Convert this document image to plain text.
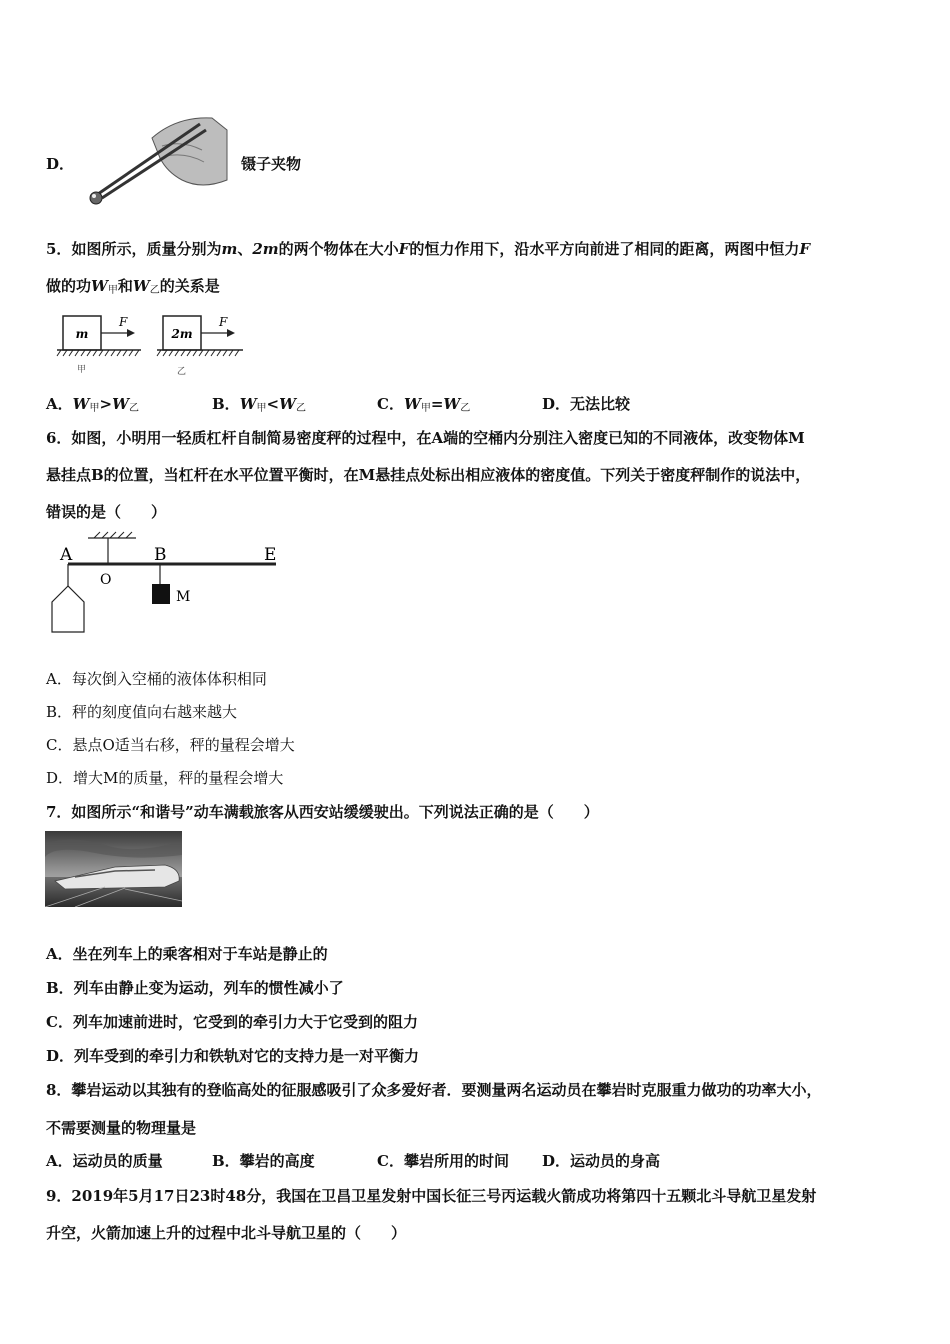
D．	镊子夹物
5．如图所示，质量分别为m、2m的两个物体在大小F的恒力作用下，沿水平方向前进了相同的距离，两图中恒力F
做的功$W_甲$和$W_乙$的关系是
m
F
甲
2m
F
乙
A．$W_甲>W_乙$	B．$W_甲<W_乙$	C．$W_甲=W_乙$	D．无法比较
6．如图，小明用一轻质杠杆自制简易密度秤的过程中，在A端的空桶内分别注入密度已知的不同液体，改变物体M
悬挂点B的位置，当杠杆在水平位置平衡时，在M悬挂点处标出相应液体的密度值。下列关于密度秤制作的说法中，
错误的是（　　）
A
O
B	E
M
A．每次倒入空桶的液体体积相同
B．秤的刻度值向右越来越大
C．悬点O适当右移，秤的量程会增大
D．增大M的质量，秤的量程会增大
7．如图所示“和谐号”动车满载旅客从西安站缓缓驶出。下列说法正确的是（　　）
A．坐在列车上的乘客相对于车站是静止的
B．列车由静止变为运动，列车的惯性减小了
C．列车加速前进时，它受到的牵引力大于它受到的阻力
D．列车受到的牵引力和铁轨对它的支持力是一对平衡力
8．攀岩运动以其独有的登临高处的征服感吸引了众多爱好者．要测量两名运动员在攀岩时克服重力做功的功率大小，
不需要测量的物理量是
A．运动员的质量	B．攀岩的高度	C．攀岩所用的时间 D．运动员的身高
9．2019年5月17日23时48分，我国在卫昌卫星发射中国长征三号丙运载火箭成功将第四十五颗北斗导航卫星发射
升空，火箭加速上升的过程中北斗导航卫星的（　　）
